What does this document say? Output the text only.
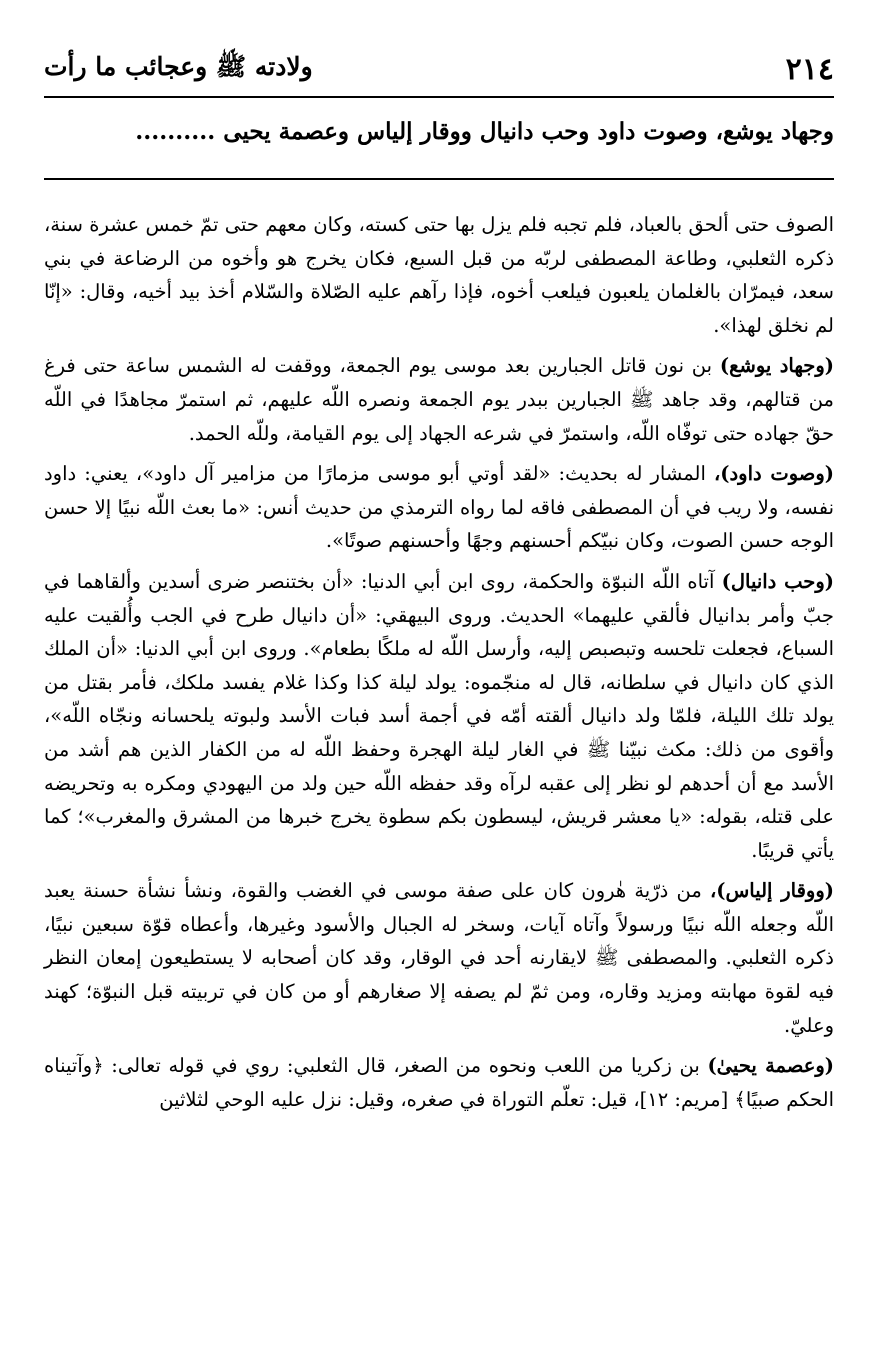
٢١٤
ولادته ﷺ وعجائب ما رأت
وجهاد يوشع، وصوت داود وحب دانيال ووقار إلياس وعصمة يحيى ..........

الصوف حتى ألحق بالعباد، فلم تجبه فلم يزل بها حتى كسته، وكان معهم حتى تمّ خمس عشرة سنة، ذكره الثعلبي، وطاعة المصطفى لربّه من قبل السبع، فكان يخرج هو وأخوه من الرضاعة في بني سعد، فيمرّان بالغلمان يلعبون فيلعب أخوه، فإذا رآهم عليه الصّلاة والسّلام أخذ بيد أخيه، وقال: «إنّا لم نخلق لهذا».

(وجهاد يوشع) بن نون قاتل الجبارين بعد موسى يوم الجمعة، ووقفت له الشمس ساعة حتى فرغ من قتالهم، وقد جاهد ﷺ الجبارين ببدر يوم الجمعة ونصره اللّه عليهم، ثم استمرّ مجاهدًا في اللّه حقّ جهاده حتى توفّاه اللّه، واستمرّ في شرعه الجهاد إلى يوم القيامة، وللّه الحمد.

(وصوت داود)، المشار له بحديث: «لقد أوتي أبو موسى مزمارًا من مزامير آل داود»، يعني: داود نفسه، ولا ريب في أن المصطفى فاقه لما رواه الترمذي من حديث أنس: «ما بعث اللّه نبيًا إلا حسن الوجه حسن الصوت، وكان نبيّكم أحسنهم وجهًا وأحسنهم صوتًا».

(وحب دانيال) آتاه اللّه النبوّة والحكمة، روى ابن أبي الدنيا: «أن بختنصر ضرى أسدين وألقاهما في جبّ وأمر بدانيال فألقي عليهما» الحديث. وروى البيهقي: «أن دانيال طرح في الجب وأُلقيت عليه السباع، فجعلت تلحسه وتبصبص إليه، وأرسل اللّه له ملكًا بطعام». وروى ابن أبي الدنيا: «أن الملك الذي كان دانيال في سلطانه، قال له منجّموه: يولد ليلة كذا وكذا غلام يفسد ملكك، فأمر بقتل من يولد تلك الليلة، فلمّا ولد دانيال ألقته أمّه في أجمة أسد فبات الأسد ولبوته يلحسانه ونجّاه اللّه»، وأقوى من ذلك: مكث نبيّنا ﷺ في الغار ليلة الهجرة وحفظ اللّه له من الكفار الذين هم أشد من الأسد مع أن أحدهم لو نظر إلى عقبه لرآه وقد حفظه اللّه حين ولد من اليهودي ومكره به وتحريضه على قتله، بقوله: «يا معشر قريش، ليسطون بكم سطوة يخرج خبرها من المشرق والمغرب»؛ كما يأتي قريبًا.

(ووقار إلياس)، من ذرّية هٰرون كان على صفة موسى في الغضب والقوة، ونشأ نشأة حسنة يعبد اللّه وجعله اللّه نبيًا ورسولاً وآتاه آيات، وسخر له الجبال والأسود وغيرها، وأعطاه قوّة سبعين نبيًا، ذكره الثعلبي. والمصطفى ﷺ لايقارنه أحد في الوقار، وقد كان أصحابه لا يستطيعون إمعان النظر فيه لقوة مهابته ومزيد وقاره، ومن ثمّ لم يصفه إلا صغارهم أو من كان في تربيته قبل النبوّة؛ كهند وعليّ.

(وعصمة يحيىٰ) بن زكريا من اللعب ونحوه من الصغر، قال الثعلبي: روي في قوله تعالى: ﴿وآتيناه الحكم صبيًا﴾ [مريم: ١٢]، قيل: تعلّم التوراة في صغره، وقيل: نزل عليه الوحي لثلاثين
